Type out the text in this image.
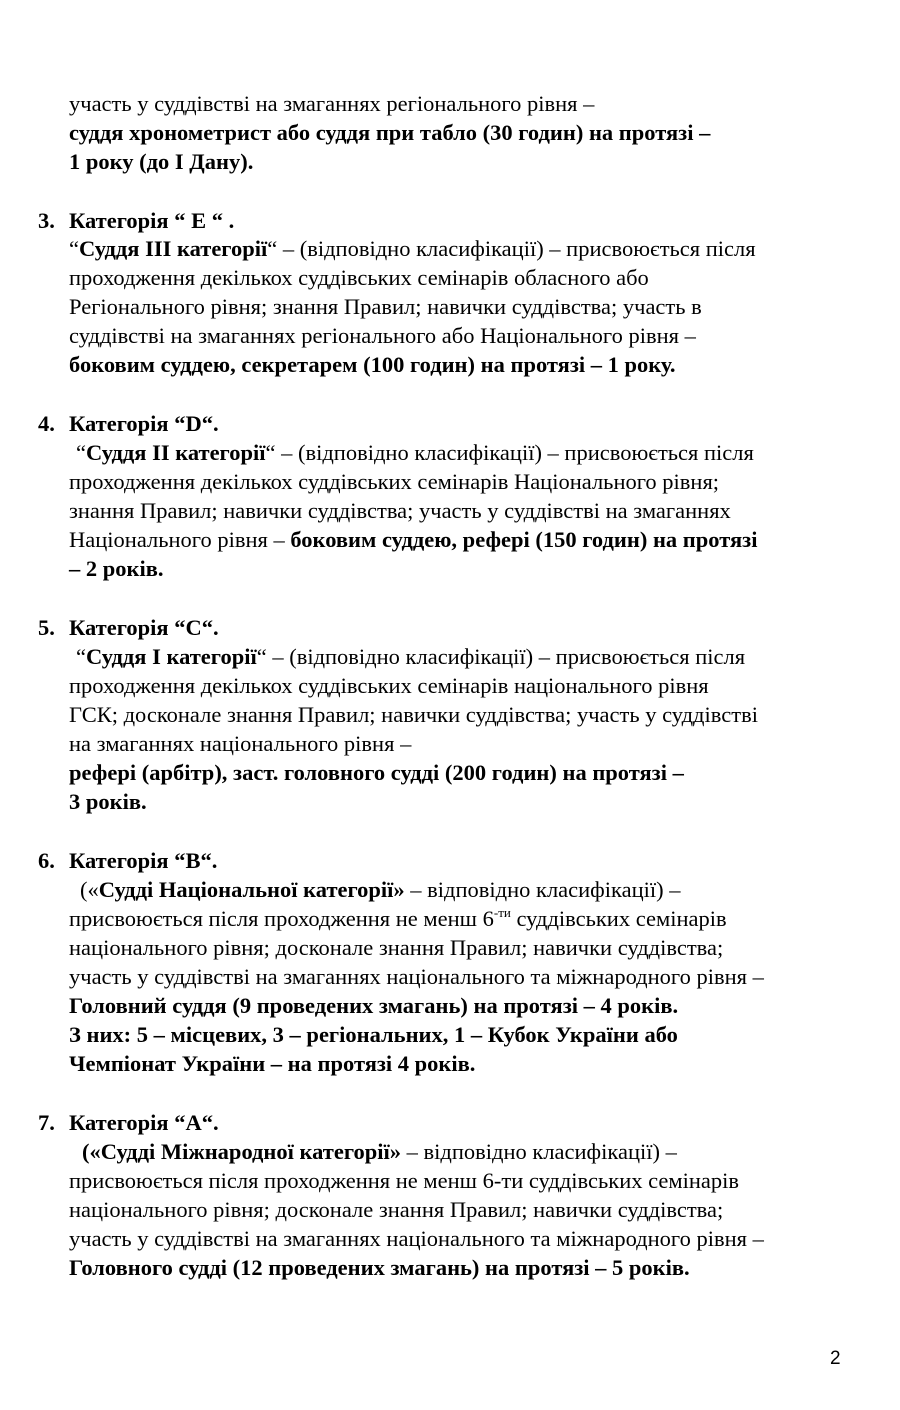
участь у суддівстві на змаганнях регіонального рівня –
суддя хронометрист або суддя при табло (30 годин) на протязі –
1 року (до І Дану).
3. Категорія “ E “ .
“Суддя ІІІ категорії“ – (відповідно класифікації) – присвоюється після
проходження декількох суддівських семінарів обласного або
Регіонального рівня; знання Правил; навички суддівства; участь в
суддівстві на змаганнях регіонального або Національного рівня –
боковим суддею, секретарем (100 годин) на протязі – 1 року.
4. Категорія “D“.
“Суддя ІІ категорії“ – (відповідно класифікації) – присвоюється після
проходження декількох суддівських семінарів Національного рівня;
знання Правил; навички суддівства; участь у суддівстві на змаганнях
Національного рівня – боковим суддею, рефері (150 годин) на протязі
– 2 років.
5. Категорія “С“.
“Суддя І категорії“ – (відповідно класифікації) – присвоюється після
проходження декількох суддівських семінарів національного рівня
ГСК; досконале знання Правил; навички суддівства; участь у суддівстві
на змаганнях національного рівня –
рефері (арбітр), заст. головного судді (200 годин) на протязі –
3 років.
6. Категорія “В“.
(«Судді Національної категорії» – відповідно класифікації) –
присвоюється після проходження не менш $6^{-ти}$ суддівських семінарів
національного рівня; досконале знання Правил; навички суддівства;
участь у суддівстві на змаганнях національного та міжнародного рівня –
Головний суддя (9 проведених змагань) на протязі – 4 років.
З них: 5 – місцевих, 3 – регіональних, 1 – Кубок України або
Чемпіонат України – на протязі 4 років.
7. Категорія “А“.
(«Судді Міжнародної категорії» – відповідно класифікації) –
присвоюється після проходження не менш 6-ти суддівських семінарів
національного рівня; досконале знання Правил; навички суддівства;
участь у суддівстві на змаганнях національного та міжнародного рівня –
Головного судді (12 проведених змагань) на протязі – 5 років.
2
